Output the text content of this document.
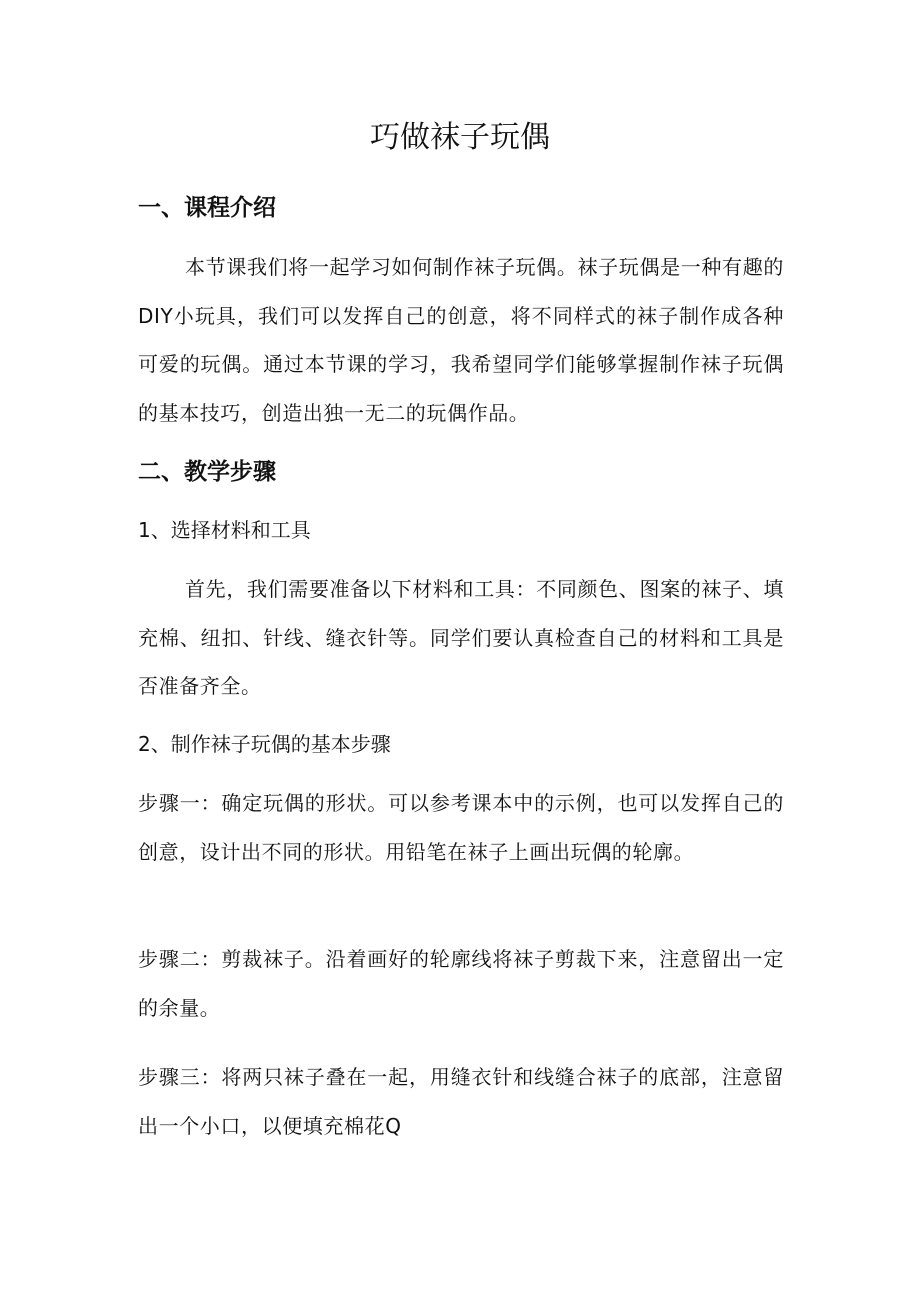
巧做袜子玩偶
一、课程介绍

本节课我们将一起学习如何制作袜子玩偶。袜子玩偶是一种有趣的DIY小玩具，我们可以发挥自己的创意，将不同样式的袜子制作成各种可爱的玩偶。通过本节课的学习，我希望同学们能够掌握制作袜子玩偶的基本技巧，创造出独一无二的玩偶作品。

二、教学步骤

1、选择材料和工具

首先，我们需要准备以下材料和工具：不同颜色、图案的袜子、填充棉、纽扣、针线、缝衣针等。同学们要认真检查自己的材料和工具是否准备齐全。

2、制作袜子玩偶的基本步骤

步骤一：确定玩偶的形状。可以参考课本中的示例，也可以发挥自己的创意，设计出不同的形状。用铅笔在袜子上画出玩偶的轮廓。

步骤二：剪裁袜子。沿着画好的轮廓线将袜子剪裁下来，注意留出一定的余量。

步骤三：将两只袜子叠在一起，用缝衣针和线缝合袜子的底部，注意留出一个小口，以便填充棉花Q
